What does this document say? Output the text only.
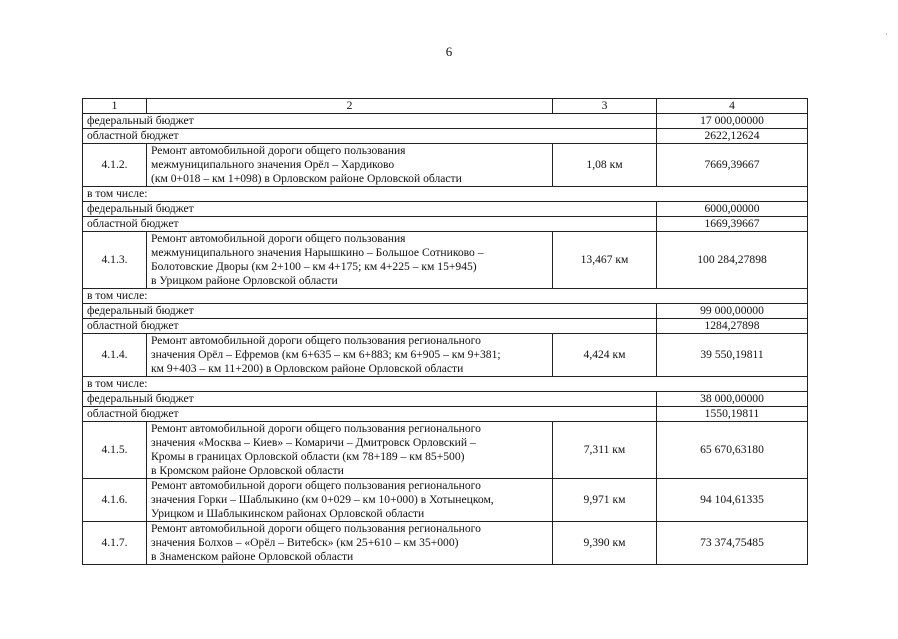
6
·
1	2	3	4
федеральный бюджет			17 000,00000
областной бюджет			2622,12624
4.1.2.	Ремонт автомобильной дороги общего пользования
межмуниципального значения Орёл – Хардиково
(км 0+018 – км 1+098) в Орловском районе Орловской области	1,08 км	7669,39667
в том числе:			
федеральный бюджет			6000,00000
областной бюджет			1669,39667
4.1.3.	Ремонт автомобильной дороги общего пользования
межмуниципального значения Нарышкино – Большое Сотниково –
Болотовские Дворы (км 2+100 – км 4+175; км 4+225 – км 15+945)
в Урицком районе Орловской области	13,467 км	100 284,27898
в том числе:			
федеральный бюджет			99 000,00000
областной бюджет			1284,27898
4.1.4.	Ремонт автомобильной дороги общего пользования регионального
значения Орёл – Ефремов (км 6+635 – км 6+883; км 6+905 – км 9+381;
км 9+403 – км 11+200) в Орловском районе Орловской области	4,424 км	39 550,19811
в том числе:			
федеральный бюджет			38 000,00000
областной бюджет			1550,19811
4.1.5.	Ремонт автомобильной дороги общего пользования регионального
значения «Москва – Киев» – Комаричи – Дмитровск Орловский –
Кромы в границах Орловской области (км 78+189 – км 85+500)
в Кромском районе Орловской области	7,311 км	65 670,63180
4.1.6.	Ремонт автомобильной дороги общего пользования регионального
значения Горки – Шаблыкино (км 0+029 – км 10+000) в Хотынецком,
Урицком и Шаблыкинском районах Орловской области	9,971 км	94 104,61335
4.1.7.	Ремонт автомобильной дороги общего пользования регионального
значения Болхов – «Орёл – Витебск» (км 25+610 – км 35+000)
в Знаменском районе Орловской области	9,390 км	73 374,75485
